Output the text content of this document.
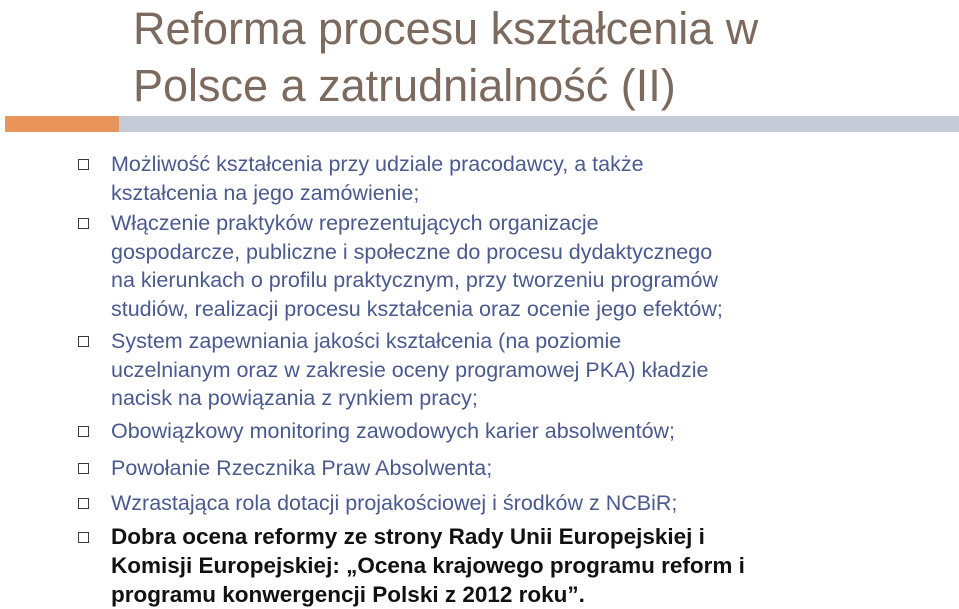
Reforma procesu kształcenia w
Polsce a zatrudnialność (II)

Możliwość kształcenia przy udziale pracodawcy, a także
kształcenia na jego zamówienie;

Włączenie praktyków reprezentujących organizacje
gospodarcze, publiczne i społeczne do procesu dydaktycznego
na kierunkach o profilu praktycznym, przy tworzeniu programów
studiów, realizacji procesu kształcenia oraz ocenie jego efektów;

System zapewniania jakości kształcenia (na poziomie
uczelnianym oraz w zakresie oceny programowej PKA) kładzie
nacisk na powiązania z rynkiem pracy;

Obowiązkowy monitoring zawodowych karier absolwentów;

Powołanie Rzecznika Praw Absolwenta;

Wzrastająca rola dotacji projakościowej i środków z NCBiR;

Dobra ocena reformy ze strony Rady Unii Europejskiej i
Komisji Europejskiej: „Ocena krajowego programu reform i
programu konwergencji Polski z 2012 roku”.
